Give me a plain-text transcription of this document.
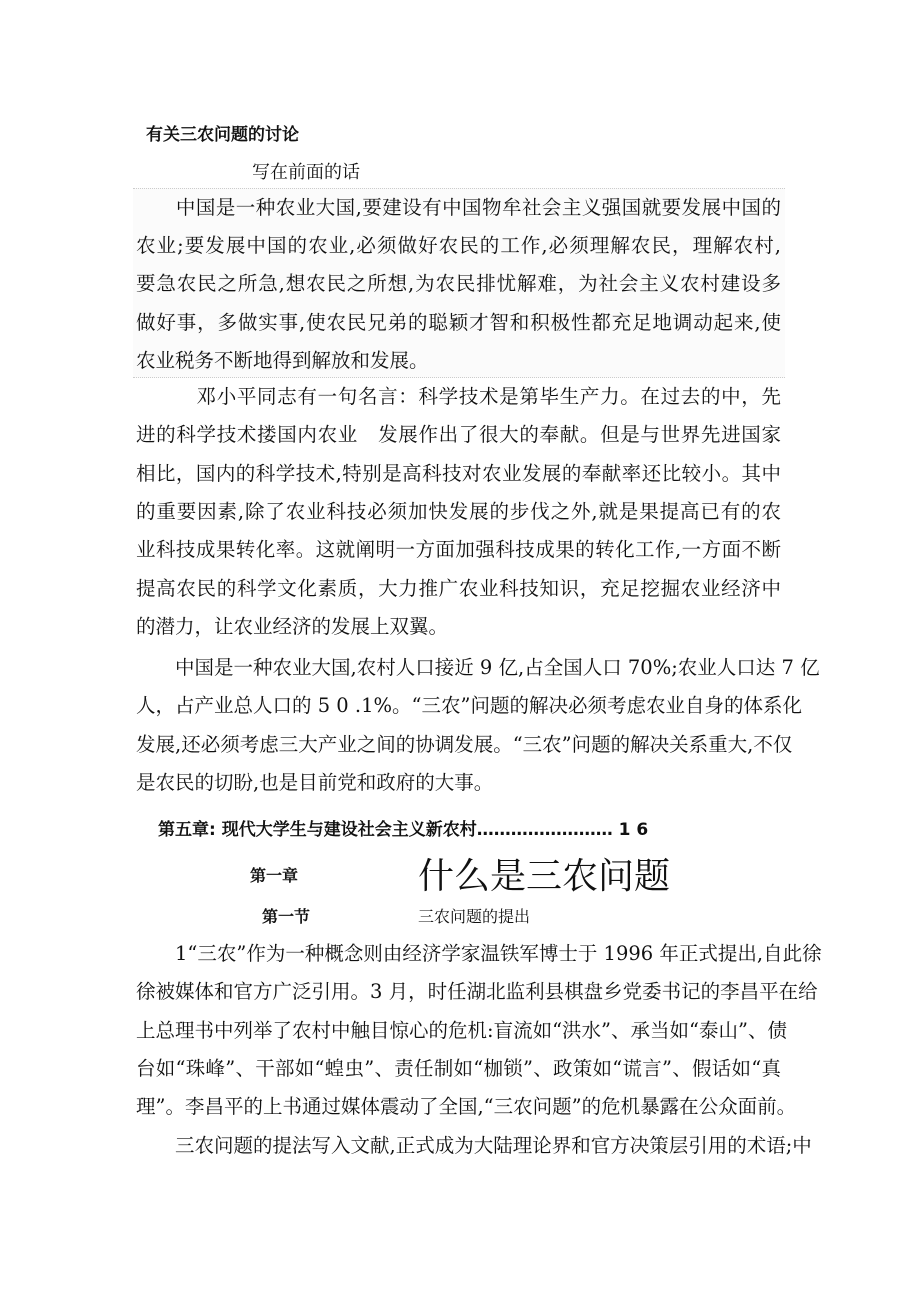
有关三农问题的讨论
写在前面的话
　　中国是一种农业大国,要建设有中国物牟社会主义强国就要发展中国的
农业;要发展中国的农业,必须做好农民的工作,必须理解农民，理解农村,
要急农民之所急,想农民之所想,为农民排忧解难，为社会主义农村建设多
做好事，多做实事,使农民兄弟的聪颖才智和积极性都充足地调动起来,使
农业税务不断地得到解放和发展。
　　　邓小平同志有一句名言：科学技术是第毕生产力。在过去的中，先
进的科学技术搂国内农业　发展作出了很大的奉献。但是与世界先进国家
相比，国内的科学技术,特别是高科技对农业发展的奉献率还比较小。其中
的重要因素,除了农业科技必须加快发展的步伐之外,就是果提高已有的农
业科技成果转化率。这就阐明一方面加强科技成果的转化工作,一方面不断
提高农民的科学文化素质，大力推广农业科技知识，充足挖掘农业经济中
的潜力，让农业经济的发展上双翼。
　　中国是一种农业大国,农村人口接近 9 亿,占全国人口 70%;农业人口达 7 亿
人，占产业总人口的 5 0 .1%。“三农”问题的解决必须考虑农业自身的体系化
发展,还必须考虑三大产业之间的协调发展。“三农”问题的解决关系重大,不仅
是农民的切盼,也是目前党和政府的大事。
第五章: 现代大学生与建设社会主义新农村…………………… 1 6
第一章	什么是三农问题
第一节	三农问题的提出
　　1“三农”作为一种概念则由经济学家温铁军博士于 1996 年正式提出,自此徐
徐被媒体和官方广泛引用。3 月，时任湖北监利县棋盘乡党委书记的李昌平在给
上总理书中列举了农村中触目惊心的危机:盲流如“洪水”、承当如“泰山”、债
台如“珠峰”、干部如“蝗虫”、责任制如“枷锁”、政策如“谎言”、假话如“真
理”。李昌平的上书通过媒体震动了全国,“三农问题”的危机暴露在公众面前。
　　三农问题的提法写入文献,正式成为大陆理论界和官方决策层引用的术语;中
